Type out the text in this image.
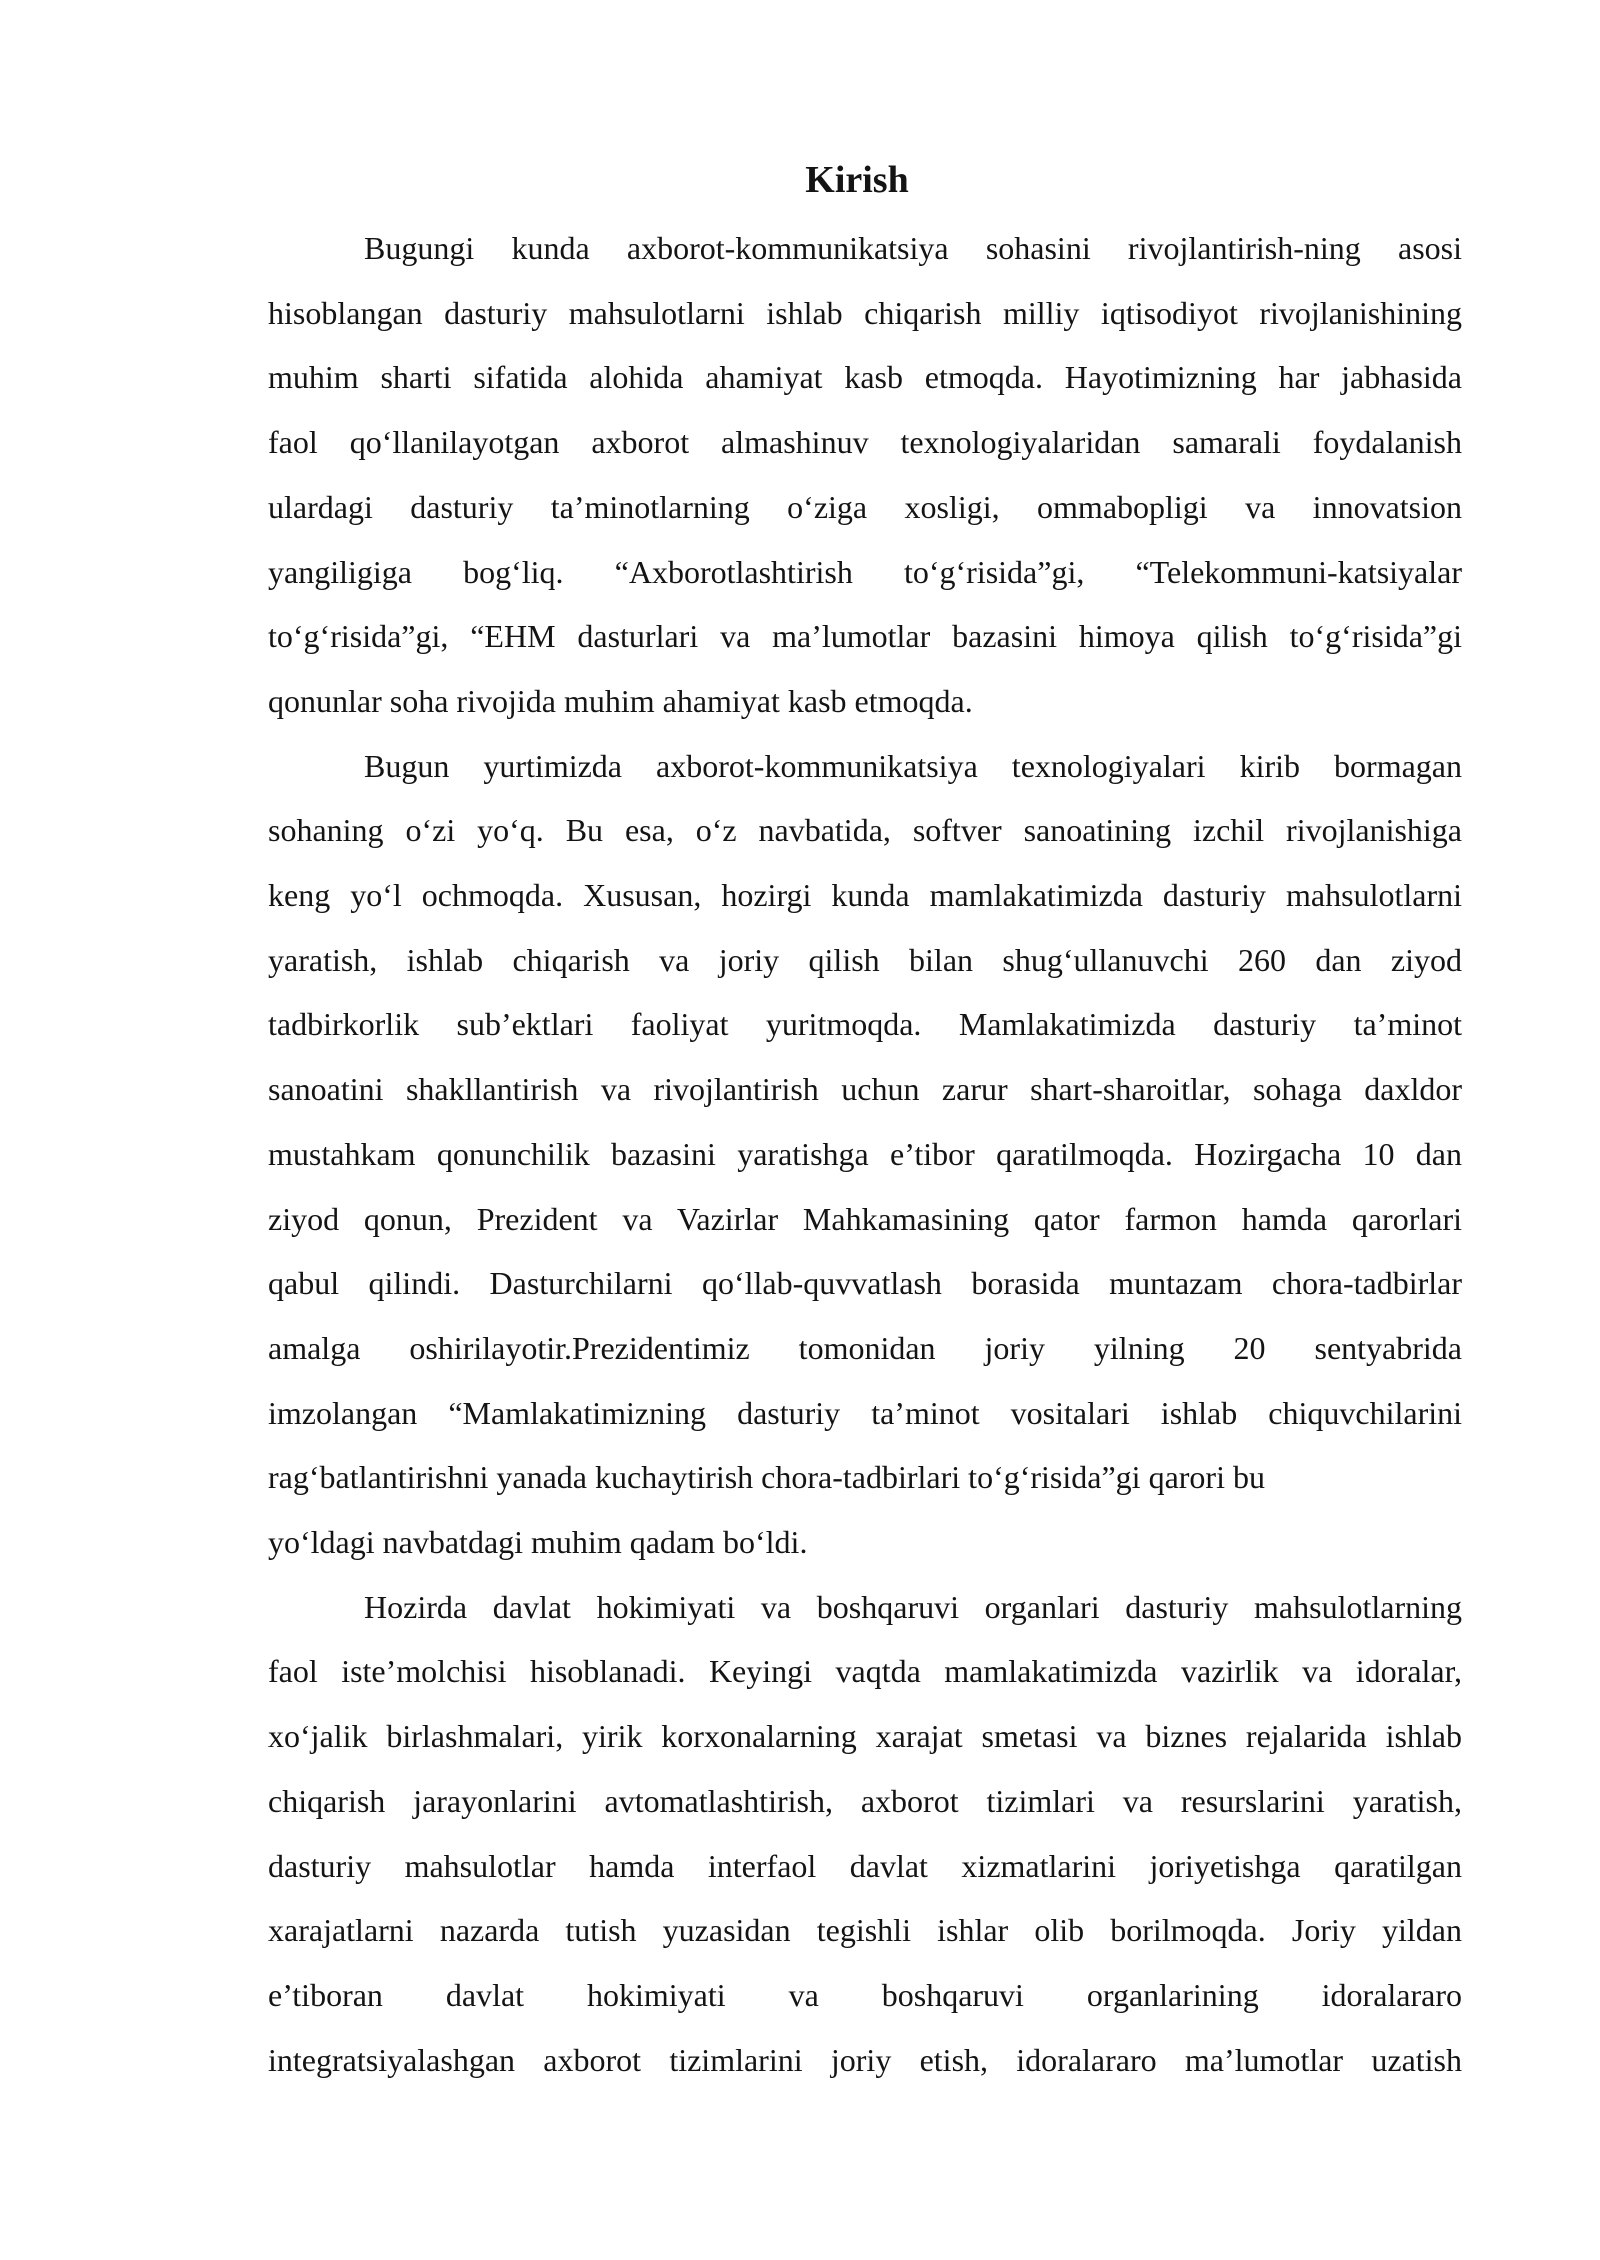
Kirish
Bugungi kunda axborot-kommunikatsiya sohasini rivojlantirish-ning asosi
hisoblangan dasturiy mahsulotlarni ishlab chiqarish milliy iqtisodiyot rivojlanishining
muhim sharti sifatida alohida ahamiyat kasb etmoqda. Hayotimizning har jabhasida
faol qo‘llanilayotgan axborot almashinuv texnologiyalaridan samarali foydalanish
ulardagi dasturiy ta’minotlarning o‘ziga xosligi, ommabopligi va innovatsion
yangiligiga bog‘liq. “Axborotlashtirish to‘g‘risida”gi, “Telekommuni-katsiyalar
to‘g‘risida”gi, “EHM dasturlari va ma’lumotlar bazasini himoya qilish to‘g‘risida”gi
qonunlar soha rivojida muhim ahamiyat kasb etmoqda.
Bugun yurtimizda axborot-kommunikatsiya texnologiyalari kirib bormagan
sohaning o‘zi yo‘q. Bu esa, o‘z navbatida, softver sanoatining izchil rivojlanishiga
keng yo‘l ochmoqda. Xususan, hozirgi kunda mamlakatimizda dasturiy mahsulotlarni
yaratish, ishlab chiqarish va joriy qilish bilan shug‘ullanuvchi 260 dan ziyod
tadbirkorlik sub’ektlari faoliyat yuritmoqda. Mamlakatimizda dasturiy ta’minot
sanoatini shakllantirish va rivojlantirish uchun zarur shart-sharoitlar, sohaga daxldor
mustahkam qonunchilik bazasini yaratishga e’tibor qaratilmoqda. Hozirgacha 10 dan
ziyod qonun, Prezident va Vazirlar Mahkamasining qator farmon hamda qarorlari
qabul qilindi. Dasturchilarni qo‘llab-quvvatlash borasida muntazam chora-tadbirlar
amalga oshirilayotir.Prezidentimiz tomonidan joriy yilning 20 sentyabrida
imzolangan “Mamlakatimizning dasturiy ta’minot vositalari ishlab chiquvchilarini
rag‘batlantirishni yanada kuchaytirish chora-tadbirlari to‘g‘risida”gi qarori bu
yo‘ldagi navbatdagi muhim qadam bo‘ldi.
Hozirda davlat hokimiyati va boshqaruvi organlari dasturiy mahsulotlarning
faol iste’molchisi hisoblanadi. Keyingi vaqtda mamlakatimizda vazirlik va idoralar,
xo‘jalik birlashmalari, yirik korxonalarning xarajat smetasi va biznes rejalarida ishlab
chiqarish jarayonlarini avtomatlashtirish, axborot tizimlari va resurslarini yaratish,
dasturiy mahsulotlar hamda interfaol davlat xizmatlarini joriyetishga qaratilgan
xarajatlarni nazarda tutish yuzasidan tegishli ishlar olib borilmoqda. Joriy yildan
e’tiboran davlat hokimiyati va boshqaruvi organlarining idoralararo
integratsiyalashgan axborot tizimlarini joriy etish, idoralararo ma’lumotlar uzatish
